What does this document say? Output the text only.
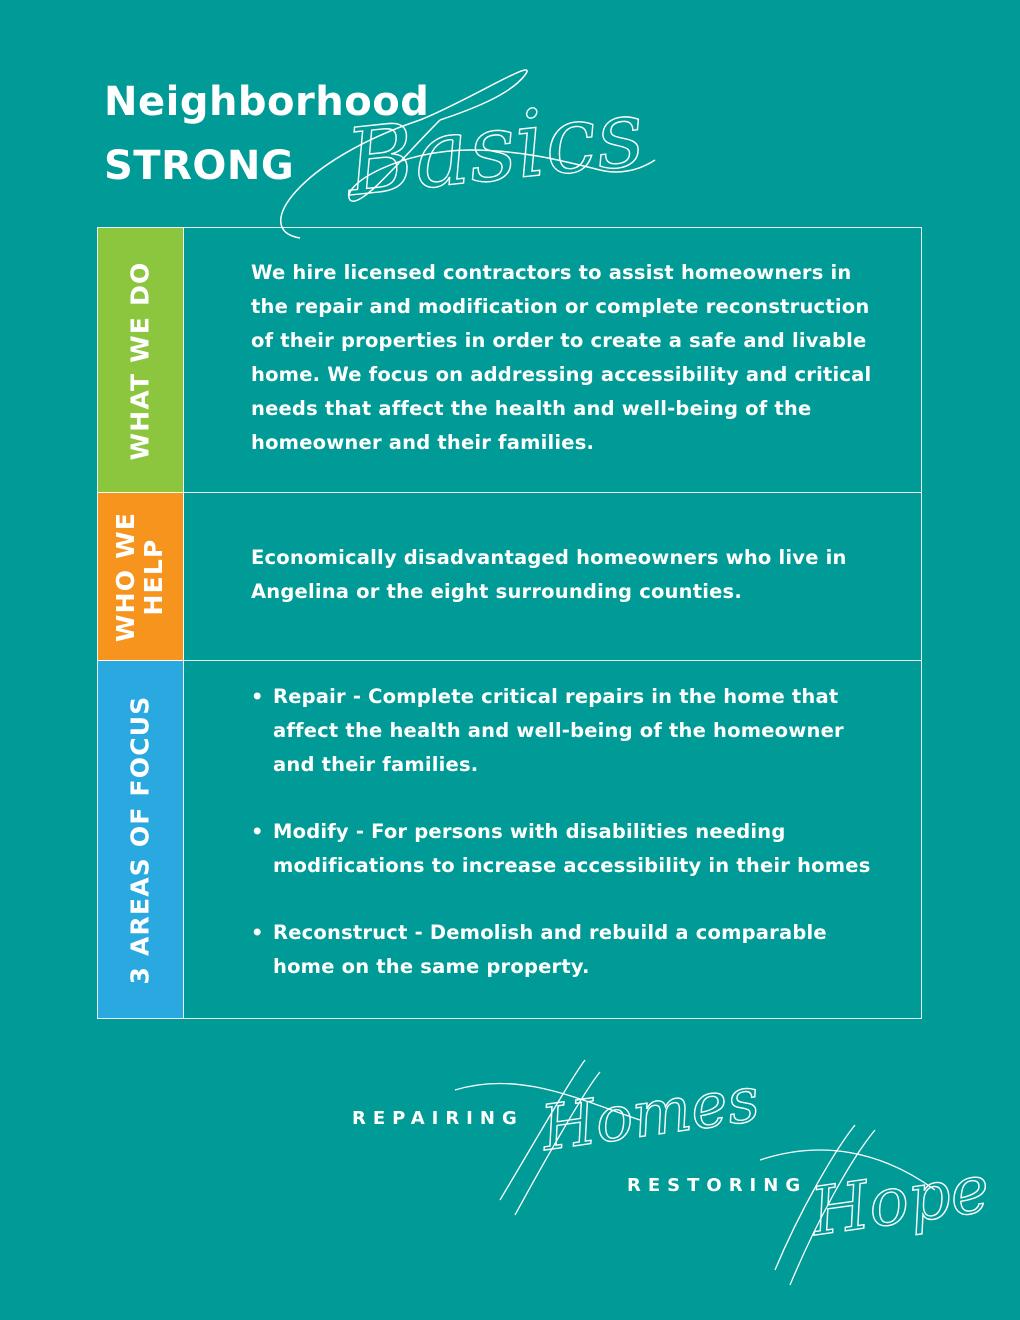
Neighborhood
STRONG Basics
Homes
Hope
WHAT WE DO	We hire licensed contractors to assist homeowners in the repair and modification or complete reconstruction of their properties in order to create a safe and livable home. We focus on addressing accessibility and critical needs that affect the health and well-being of the homeowner and their families.
WHO WE HELP	Economically disadvantaged homeowners who live in Angelina or the eight surrounding counties.
3 AREAS OF FOCUS
•	Repair - Complete critical repairs in the home that affect the health and well-being of the homeowner and their families.
• Modify - For persons with disabilities needing modifications to increase accessibility in their homes
• Reconstruct - Demolish and rebuild a comparable home on the same property.
REPAIRING
RESTORING
